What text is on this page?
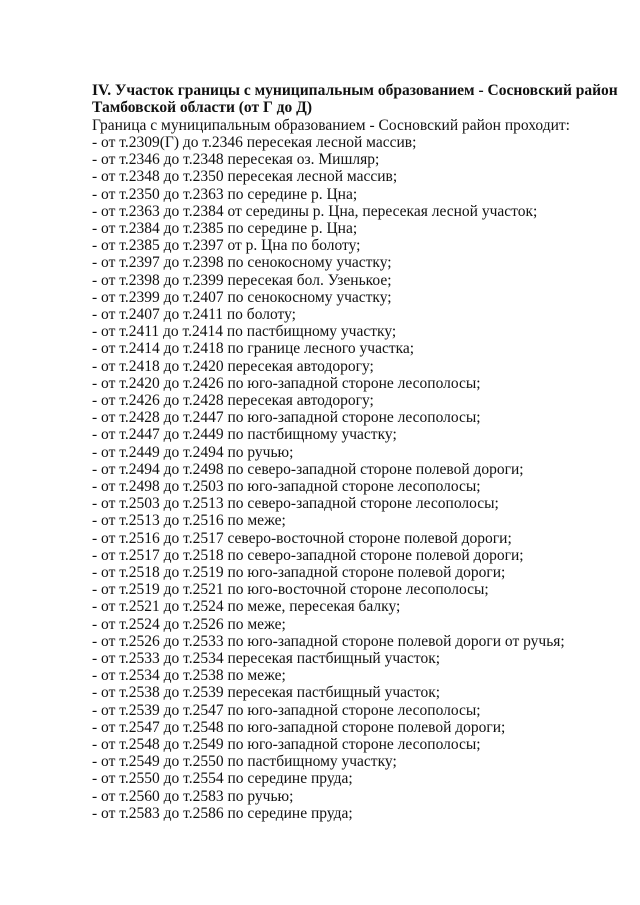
IV. Участок границы с муниципальным образованием - Сосновский район

Тамбовской области (от Г до Д)

Граница с муниципальным образованием - Сосновский район проходит:

- от т.2309(Г) до т.2346 пересекая лесной массив;
- от т.2346 до т.2348 пересекая оз. Мишляр;
- от т.2348 до т.2350 пересекая лесной массив;
- от т.2350 до т.2363 по середине р. Цна;
- от т.2363 до т.2384 от середины р. Цна, пересекая лесной участок;
- от т.2384 до т.2385 по середине р. Цна;
- от т.2385 до т.2397 от р. Цна по болоту;
- от т.2397 до т.2398 по сенокосному участку;
- от т.2398 до т.2399 пересекая бол. Узенькое;
- от т.2399 до т.2407 по сенокосному участку;
- от т.2407 до т.2411 по болоту;
- от т.2411 до т.2414 по пастбищному участку;
- от т.2414 до т.2418 по границе лесного участка;
- от т.2418 до т.2420 пересекая автодорогу;
- от т.2420 до т.2426 по юго-западной стороне лесополосы;
- от т.2426 до т.2428 пересекая автодорогу;
- от т.2428 до т.2447 по юго-западной стороне лесополосы;
- от т.2447 до т.2449 по пастбищному участку;
- от т.2449 до т.2494 по ручью;
- от т.2494 до т.2498 по северо-западной стороне полевой дороги;
- от т.2498 до т.2503 по юго-западной стороне лесополосы;
- от т.2503 до т.2513 по северо-западной стороне лесополосы;
- от т.2513 до т.2516 по меже;
- от т.2516 до т.2517 северо-восточной стороне полевой дороги;
- от т.2517 до т.2518 по северо-западной стороне полевой дороги;
- от т.2518 до т.2519 по юго-западной стороне полевой дороги;
- от т.2519 до т.2521 по юго-восточной стороне лесополосы;
- от т.2521 до т.2524 по меже, пересекая балку;
- от т.2524 до т.2526 по меже;
- от т.2526 до т.2533 по юго-западной стороне полевой дороги от ручья;
- от т.2533 до т.2534 пересекая пастбищный участок;
- от т.2534 до т.2538 по меже;
- от т.2538 до т.2539 пересекая пастбищный участок;
- от т.2539 до т.2547 по юго-западной стороне лесополосы;
- от т.2547 до т.2548 по юго-западной стороне полевой дороги;
- от т.2548 до т.2549 по юго-западной стороне лесополосы;
- от т.2549 до т.2550 по пастбищному участку;
- от т.2550 до т.2554 по середине пруда;
- от т.2560 до т.2583 по ручью;
- от т.2583 до т.2586 по середине пруда;
